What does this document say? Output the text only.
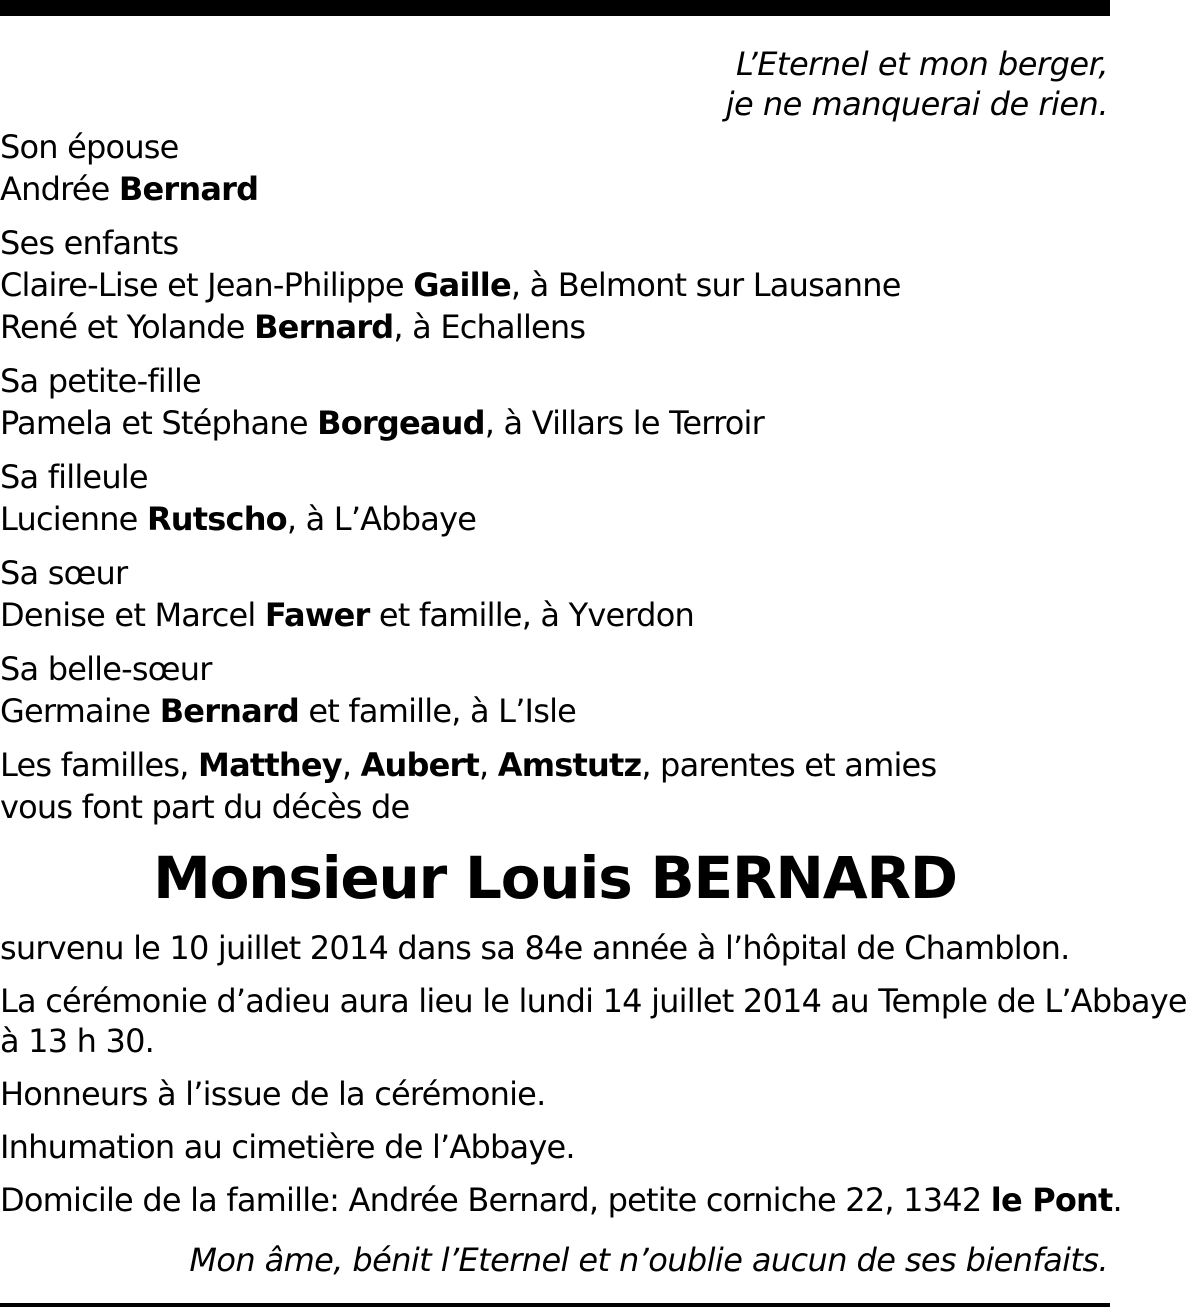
L’Eternel et mon berger,
je ne manquerai de rien.
Son épouse
Andrée Bernard
Ses enfants
Claire-Lise et Jean-Philippe Gaille, à Belmont sur Lausanne
René et Yolande Bernard, à Echallens
Sa petite-fille
Pamela et Stéphane Borgeaud, à Villars le Terroir
Sa filleule
Lucienne Rutscho, à L’Abbaye
Sa sœur
Denise et Marcel Fawer et famille, à Yverdon
Sa belle-sœur
Germaine Bernard et famille, à L’Isle
Les familles, Matthey, Aubert, Amstutz, parentes et amies
vous font part du décès de
Monsieur Louis BERNARD
survenu le 10 juillet 2014 dans sa 84e année à l’hôpital de Chamblon.
La cérémonie d’adieu aura lieu le lundi 14 juillet 2014 au Temple de L’Abbaye
à 13 h 30.
Honneurs à l’issue de la cérémonie.
Inhumation au cimetière de l’Abbaye.
Domicile de la famille: Andrée Bernard, petite corniche 22, 1342 le Pont.
Mon âme, bénit l’Eternel et n’oublie aucun de ses bienfaits.
